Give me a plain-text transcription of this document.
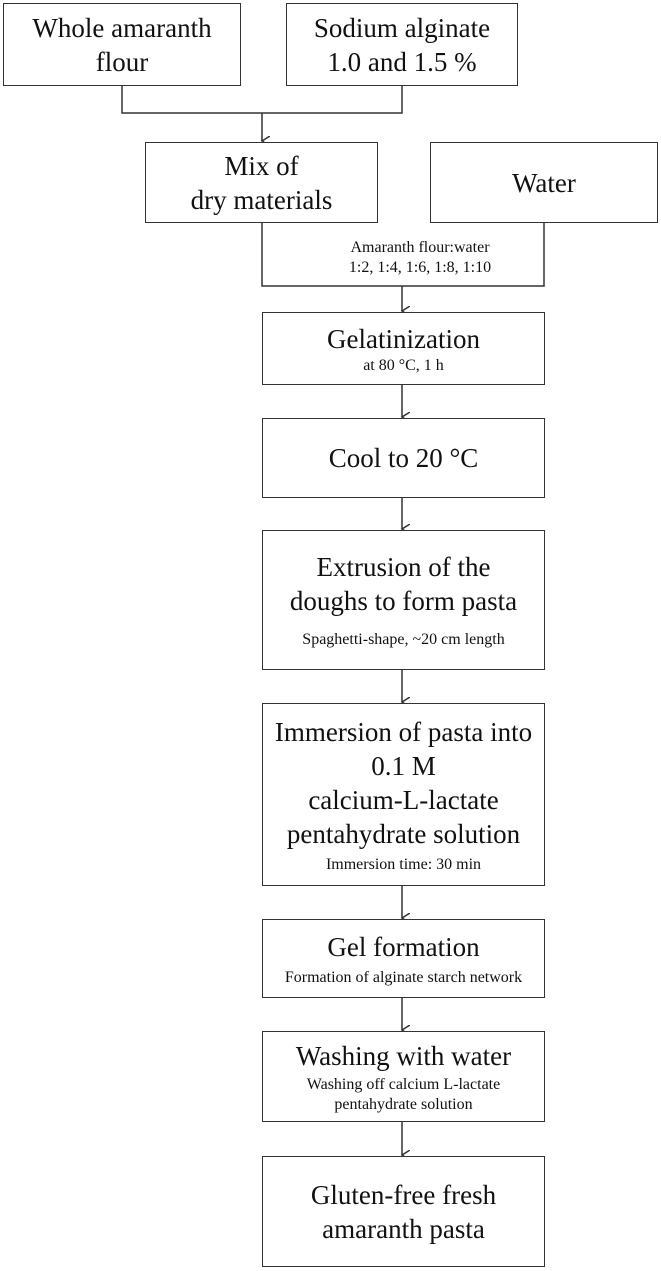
Whole amaranth
flour
Sodium alginate
1.0 and 1.5 %
Mix of
dry materials
Water
Amaranth flour:water
1:2, 1:4, 1:6, 1:8, 1:10
Gelatinization
at 80 °C, 1 h
Cool to 20 °C
Extrusion of the
doughs to form pasta
Spaghetti-shape, ~20 cm length
Immersion of pasta into
0.1 M
calcium-L-lactate
pentahydrate solution
Immersion time: 30 min
Gel formation
Formation of alginate starch network
Washing with water
Washing off calcium L-lactate
pentahydrate solution
Gluten-free fresh
amaranth pasta
